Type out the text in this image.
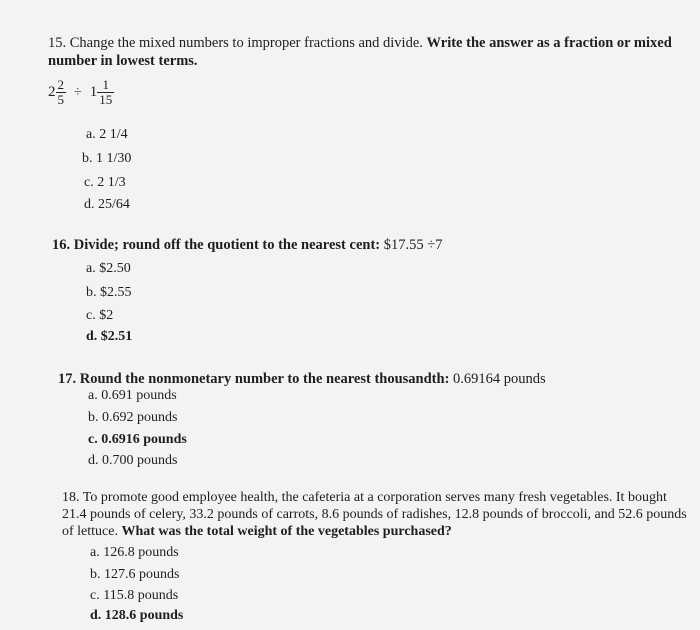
15. Change the mixed numbers to improper fractions and divide. Write the answer as a fraction or mixed number in lowest terms.
$2 \frac{2}{5} \div 1 \frac{1}{15}$
a. 2 1/4
b. 1 1/30
c. 2 1/3
d. 25/64
16. Divide; round off the quotient to the nearest cent: $17.55 ÷7
a. $2.50
b. $2.55
c. $2
d. $2.51
17. Round the nonmonetary number to the nearest thousandth: 0.69164 pounds
a. 0.691 pounds
b. 0.692 pounds
c. 0.6916 pounds
d. 0.700 pounds
18. To promote good employee health, the cafeteria at a corporation serves many fresh vegetables. It bought 21.4 pounds of celery, 33.2 pounds of carrots, 8.6 pounds of radishes, 12.8 pounds of broccoli, and 52.6 pounds of lettuce. What was the total weight of the vegetables purchased?
a. 126.8 pounds
b. 127.6 pounds
c. 115.8 pounds
d. 128.6 pounds
